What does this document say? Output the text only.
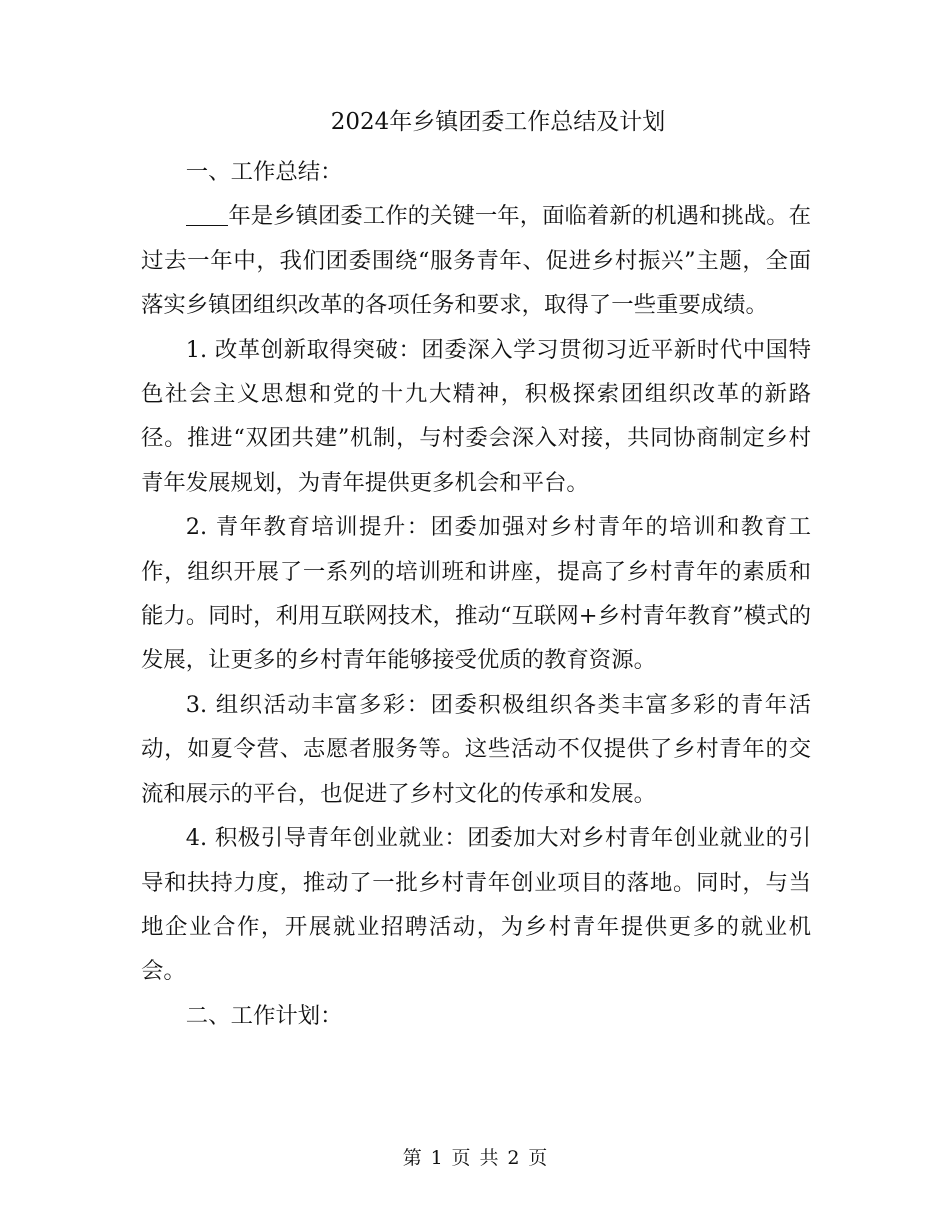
2024年乡镇团委工作总结及计划

一、工作总结：

年是乡镇团委工作的关键一年，面临着新的机遇和挑战。在过去一年中，我们团委围绕“服务青年、促进乡村振兴”主题，全面落实乡镇团组织改革的各项任务和要求，取得了一些重要成绩。

1. 改革创新取得突破：团委深入学习贯彻习近平新时代中国特色社会主义思想和党的十九大精神，积极探索团组织改革的新路径。推进“双团共建”机制，与村委会深入对接，共同协商制定乡村青年发展规划，为青年提供更多机会和平台。

2. 青年教育培训提升：团委加强对乡村青年的培训和教育工作，组织开展了一系列的培训班和讲座，提高了乡村青年的素质和能力。同时，利用互联网技术，推动“互联网+乡村青年教育”模式的发展，让更多的乡村青年能够接受优质的教育资源。

3. 组织活动丰富多彩：团委积极组织各类丰富多彩的青年活动，如夏令营、志愿者服务等。这些活动不仅提供了乡村青年的交流和展示的平台，也促进了乡村文化的传承和发展。

4. 积极引导青年创业就业：团委加大对乡村青年创业就业的引导和扶持力度，推动了一批乡村青年创业项目的落地。同时，与当地企业合作，开展就业招聘活动，为乡村青年提供更多的就业机会。

二、工作计划：

第 1 页 共 2 页
